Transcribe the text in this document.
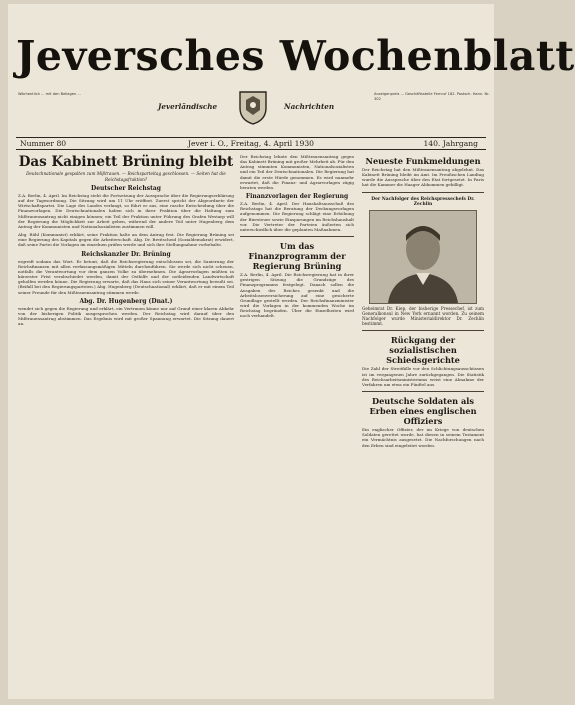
Jeversches Wochenblatt
Wöchentlich ... mit den Beilagen ...	Anzeigenpreis ... Geschäftsstelle Fernruf 182. Postsch. Hann. Nr. 302
Jeverländische	Nachrichten
Nummer 80	Jever i. O., Freitag, 4. April 1930	140. Jahrgang
Das Kabinett Brüning bleibt
Deutschnationale gespalten zum Mißtrauen. — Reichsparteitag geschlossen. — Seiten hat die Reichstagsfraktion?
Deutscher Reichstag

Z.A. Berlin, 4. April. Im Reichstag steht die Fortsetzung der Aussprache über die Regierungserklärung auf der Tagesordnung. Die Sitzung wird um 11 Uhr eröffnet. Zuerst spricht der Abgeordnete der Wirtschaftspartei. Die Lage des Landes verlangt, so führt er aus, eine rasche Entscheidung über die Finanzvorlagen. Die Deutschnationalen haben sich in ihrer Fraktion über die Haltung zum Mißtrauensantrag nicht einigen können; ein Teil der Fraktion unter Führung des Grafen Westarp will der Regierung die Möglichkeit zur Arbeit geben, während der andere Teil unter Hugenberg dem Antrag der Kommunisten und Nationalsozialisten zustimmen will.

Abg. Rühl (Kommunist) erklärt, seine Fraktion halte an dem Antrag fest. Die Regierung Brüning sei eine Regierung des Kapitals gegen die Arbeiterschaft. Abg. Dr. Breitscheid (Sozialdemokrat) erwidert, daß seine Partei die Vorlagen im einzelnen prüfen werde und sich ihre Stellungnahme vorbehalte.

Reichskanzler Dr. Brüning

ergreift sodann das Wort. Er betont, daß die Reichsregierung entschlossen sei, die Sanierung der Reichsfinanzen mit allen verfassungsmäßigen Mitteln durchzuführen. Sie werde sich nicht scheuen, notfalls die Verantwortung vor dem ganzen Volke zu übernehmen. Die Agrarvorlagen müßten in kürzester Frist verabschiedet werden, damit der Osthilfe und der notleidenden Landwirtschaft geholfen werden könne. Die Regierung erwarte, daß das Haus sich seiner Verantwortung bewußt sei. (Beifall bei den Regierungsparteien.) Abg. Hugenberg (Deutschnational) erklärt, daß er mit einem Teil seiner Freunde für den Mißtrauensantrag stimmen werde.

Abg. Dr. Hugenberg (Dnat.)

wendet sich gegen die Regierung und erklärt, ein Vertrauen könne nur auf Grund einer klaren Abkehr von der bisherigen Politik ausgesprochen werden. Der Reichstag wird darauf über den Mißtrauensantrag abstimmen. Das Ergebnis wird mit großer Spannung erwartet. Die Sitzung dauert an.

Der Reichstag lehnte den Mißtrauensantrag gegen das Kabinett Brüning mit großer Mehrheit ab. Für den Antrag stimmten Kommunisten, Nationalsozialisten und ein Teil der Deutschnationalen. Die Regierung hat damit die erste Hürde genommen. Es wird nunmehr erwartet, daß die Finanz- und Agrarvorlagen zügig beraten werden.

Finanzvorlagen der Regierung

Z.A. Berlin, 4. April. Der Haushaltsausschuß des Reichstags hat die Beratung der Deckungsvorlagen aufgenommen. Die Regierung schlägt eine Erhöhung der Biersteuer sowie Einsparungen im Reichshaushalt vor. Die Vertreter der Parteien äußerten sich unterschiedlich über die geplanten Maßnahmen.

Um das Finanzprogramm der Regierung Brüning

Z.A. Berlin, 4. April. Die Reichsregierung hat in ihrer gestrigen Sitzung die Grundzüge des Finanzprogramms festgelegt. Danach sollen die Ausgaben des Reiches gesenkt und die Arbeitslosenversicherung auf eine gesicherte Grundlage gestellt werden. Der Reichsfinanzminister wird die Vorlagen in der kommenden Woche im Reichstag begründen. Über die Einzelheiten wird noch verhandelt.

Neueste Funkmeldungen

Der Reichstag hat den Mißtrauensantrag abgelehnt. Das Kabinett Brüning bleibt im Amt. Im Preußischen Landtag wurde die Aussprache über den Etat fortgesetzt. In Paris hat die Kammer die Haager Abkommen gebilligt.

Der Nachfolger des Reichspressechefs Dr. Zechlin

Geheimrat Dr. Kiep, der bisherige Pressechef, ist zum Generalkonsul in New York ernannt worden. Zu seinem Nachfolger wurde Ministerialdirektor Dr. Zechlin bestimmt.

Rückgang der sozialistischen Schiedsgerichte

Die Zahl der Streitfälle vor den Schlichtungsausschüssen ist im vergangenen Jahre zurückgegangen. Die Statistik des Reichsarbeitsministeriums weist eine Abnahme der Verfahren um etwa ein Fünftel aus.

Deutsche Soldaten als Erben eines englischen Offiziers

Ein englischer Offizier, der im Kriege von deutschen Soldaten gerettet wurde, hat diesen in seinem Testament ein Vermächtnis ausgesetzt. Die Nachforschungen nach den Erben sind eingeleitet worden.
